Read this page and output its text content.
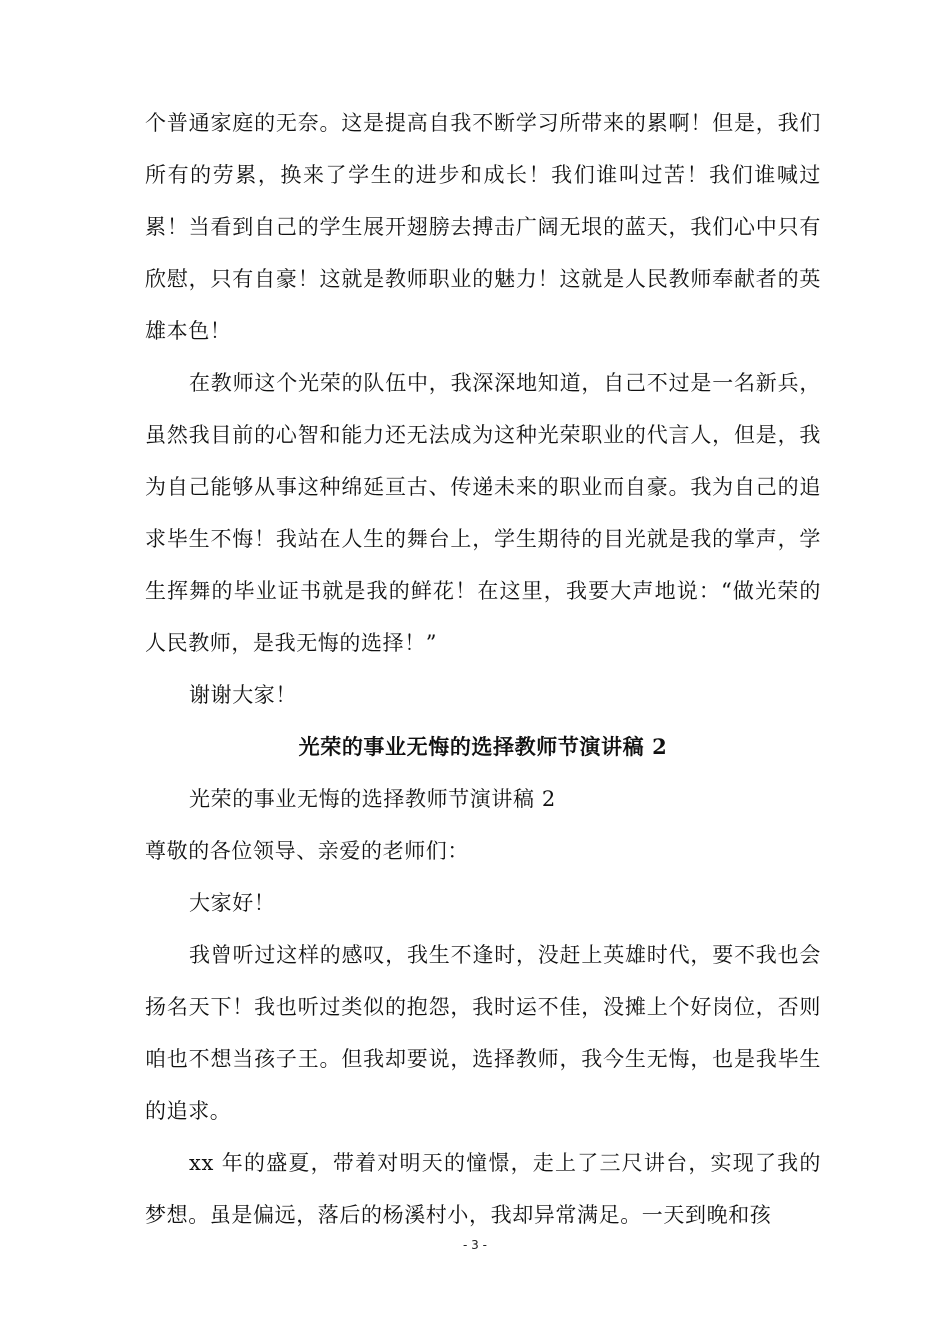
个普通家庭的无奈。这是提高自我不断学习所带来的累啊！但是，我们所有的劳累，换来了学生的进步和成长！我们谁叫过苦！我们谁喊过累！当看到自己的学生展开翅膀去搏击广阔无垠的蓝天，我们心中只有欣慰，只有自豪！这就是教师职业的魅力！这就是人民教师奉献者的英雄本色！

在教师这个光荣的队伍中，我深深地知道，自己不过是一名新兵，虽然我目前的心智和能力还无法成为这种光荣职业的代言人，但是，我为自己能够从事这种绵延亘古、传递未来的职业而自豪。我为自己的追求毕生不悔！我站在人生的舞台上，学生期待的目光就是我的掌声，学生挥舞的毕业证书就是我的鲜花！在这里，我要大声地说：“做光荣的人民教师，是我无悔的选择！”

谢谢大家！

光荣的事业无悔的选择教师节演讲稿 2

光荣的事业无悔的选择教师节演讲稿 2

尊敬的各位领导、亲爱的老师们：

大家好！

我曾听过这样的感叹，我生不逢时，没赶上英雄时代，要不我也会扬名天下！我也听过类似的抱怨，我时运不佳，没摊上个好岗位，否则咱也不想当孩子王。但我却要说，选择教师，我今生无悔，也是我毕生的追求。

xx 年的盛夏，带着对明天的憧憬，走上了三尺讲台，实现了我的梦想。虽是偏远，落后的杨溪村小，我却异常满足。一天到晚和孩

- 3 -
